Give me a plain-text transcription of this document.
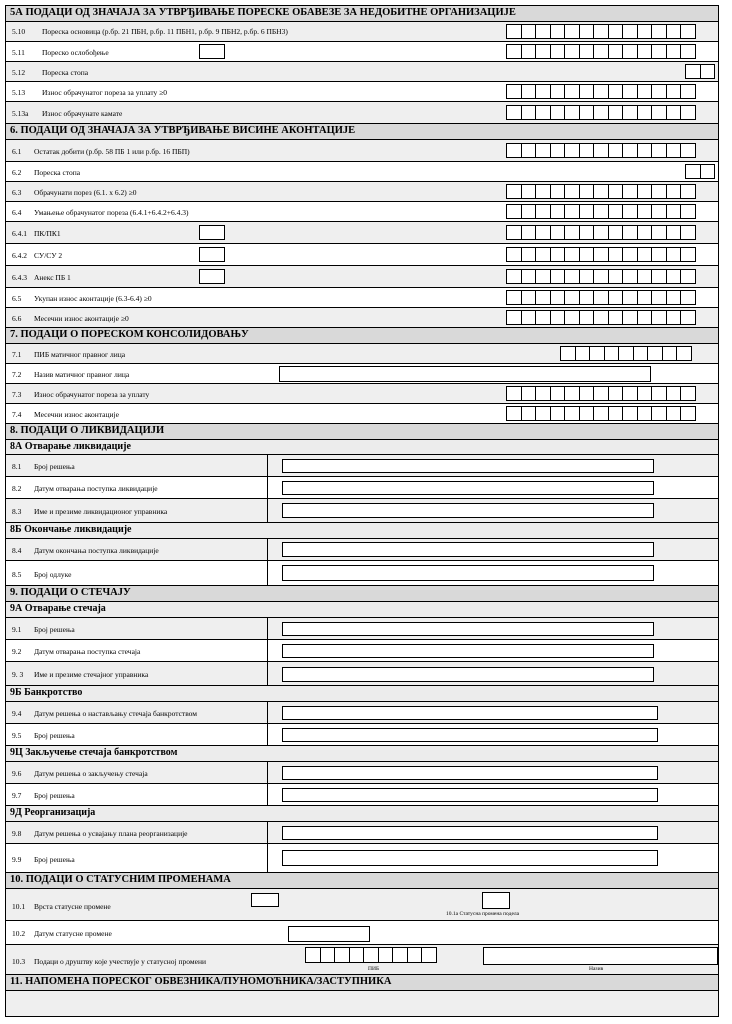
5А ПОДАЦИ ОД ЗНАЧАЈА ЗА УТВРЂИВАЊЕ ПОРЕСКЕ ОБАВЕЗЕ ЗА НЕДОБИТНЕ ОРГАНИЗАЦИЈЕ
5.10 Пореска основица (р.бр. 21 ПБН, р.бр. 11 ПБН1, р.бр. 9 ПБН2, р.бр. 6 ПБН3)
5.11 Пореско ослобођење
5.12 Пореска стопа
5.13 Износ обрачунатог пореза за уплату ≥0
5.13a Износ обрачунате камате
6. ПОДАЦИ ОД ЗНАЧАЈА ЗА УТВРЂИВАЊЕ ВИСИНЕ АКОНТАЦИЈЕ
6.1 Остатак добити (р.бр. 58 ПБ 1 или р.бр. 16 ПБП)
6.2 Пореска стопа
6.3 Обрачунати порез (6.1. x 6.2) ≥0
6.4 Умањење обрачунатог пореза (6.4.1+6.4.2+6.4.3)
6.4.1 ПК/ПК1
6.4.2 СУ/СУ 2
6.4.3 Анекс ПБ 1
6.5 Укупан износ аконтације (6.3-6.4) ≥0
6.6 Месечни износ аконтације ≥0
7. ПОДАЦИ О ПОРЕСКОМ КОНСОЛИДОВАЊУ
7.1 ПИБ матичног правног лица
7.2 Назив матичног правног лица
7.3 Износ обрачунатог пореза за уплату
7.4 Месечни износ аконтације
8. ПОДАЦИ О ЛИКВИДАЦИЈИ
8А Отварање ликвидације
8.1 Број решења
8.2 Датум отварања поступка ликвидације
8.3 Име и презиме ликвидационог управника
8Б Окончање ликвидације
8.4 Датум окончања поступка ликвидације
8.5 Број одлуке
9. ПОДАЦИ О СТЕЧАЈУ
9А Отварање стечаја
9.1 Број решења
9.2 Датум отварања поступка стечаја
9. 3 Име и презиме стечајног управника
9Б Банкротство
9.4 Датум решења о настављању стечаја банкротством
9.5 Број решења
9Ц Закључење стечаја банкротством
9.6 Датум решења о закључењу стечаја
9.7 Број решења
9Д Реорганизација
9.8 Датум решења о усвајању плана реорганизације
9.9 Број решења
10. ПОДАЦИ О СТАТУСНИМ ПРОМЕНАМА
10.1 Врста статусне промене
10.1а Статусна промена подела
10.2 Датум статусне промене
10.3 Подаци о друштву које учествује у статусној промени
ПИБ	Назив
11. НАПОМЕНА ПОРЕСКОГ ОБВЕЗНИКА/ПУНОМОЋНИКА/ЗАСТУПНИКА
